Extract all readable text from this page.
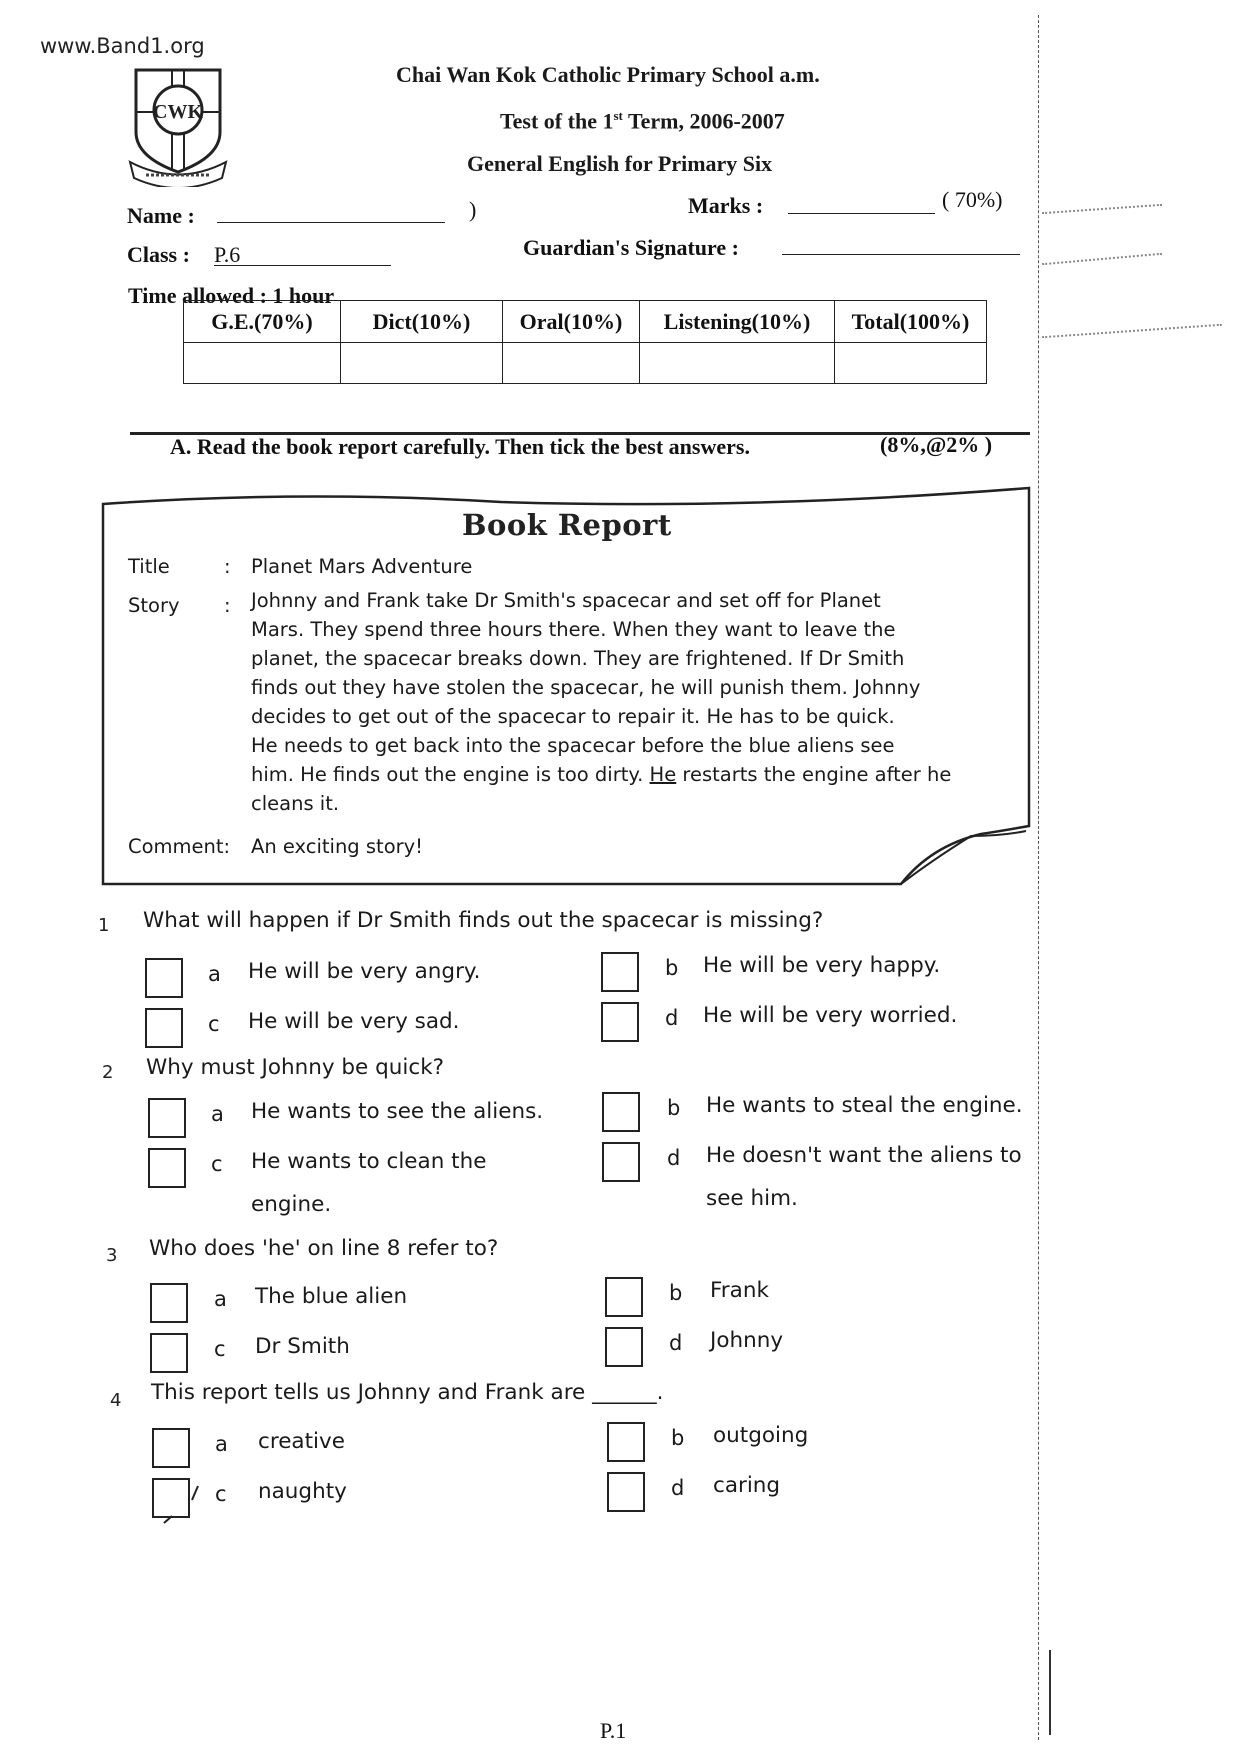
www.Band1.org
CWK
Chai Wan Kok Catholic Primary School a.m.
Test of the 1st Term, 2006-2007
General English for Primary Six
Name :	)
Class : P.6
Time allowed : 1 hour
Marks :	( 70%)
Guardian's Signature :
G.E.(70%)	Dict(10%)	Oral(10%)	Listening(10%)	Total(100%)

A. Read the book report carefully. Then tick the best answers.	(8%,@2% )
Book Report
Title	: Planet Mars Adventure
Story : Johnny and Frank take Dr Smith's spacecar and set off for Planet
Mars. They spend three hours there. When they want to leave the
planet, the spacecar breaks down. They are frightened. If Dr Smith
finds out they have stolen the spacecar, he will punish them. Johnny
decides to get out of the spacecar to repair it. He has to be quick.
He needs to get back into the spacecar before the blue aliens see
him. He finds out the engine is too dirty. He restarts the engine after he
cleans it.
Comment: An exciting story!
1 What will happen if Dr Smith finds out the spacecar is missing?
a He will be very angry.	b He will be very happy.
c He will be very sad.	d He will be very worried.
2 Why must Johnny be quick?
a He wants to see the aliens.	b He wants to steal the engine.
c He wants to clean the
engine.
d He doesn't want the aliens to
see him.
3 Who does 'he' on line 8 refer to?
a The blue alien	b Frank
c Dr Smith	d Johnny
4 This report tells us Johnny and Frank are ______.
a creative	b outgoing
c naughty	d caring
P.1
